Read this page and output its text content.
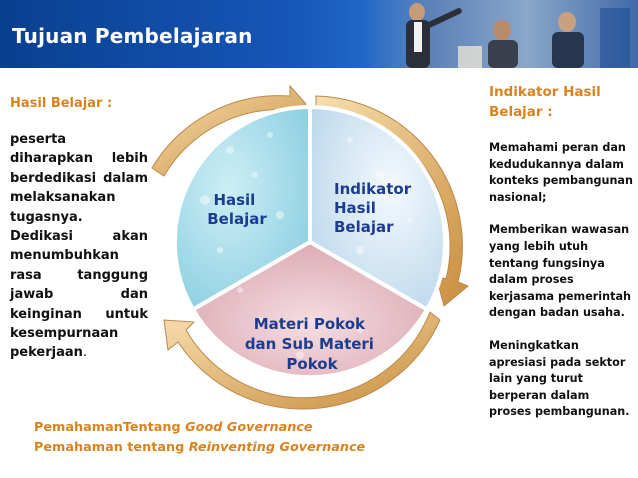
Tujuan Pembelajaran
Hasil Belajar :
peserta diharapkan lebih berdedikasi dalam melaksanakan tugasnya. Dedikasi akan menumbuhkan rasa tanggung jawab dan keinginan untuk kesempurnaan pekerjaan.
Indikator Hasil Belajar :

Memahami peran dan kedudukannya dalam konteks pembangunan nasional;

Memberikan wawasan yang lebih utuh tentang fungsinya dalam proses kerjasama pemerintah dengan badan usaha.

Meningkatkan apresiasi pada sektor lain yang turut berperan dalam proses pembangunan.

Hasil Belajar
Indikator Hasil Belajar
Materi Pokok dan Sub Materi Pokok
PemahamanTentang Good Governance
Pemahaman tentang Reinventing Governance
